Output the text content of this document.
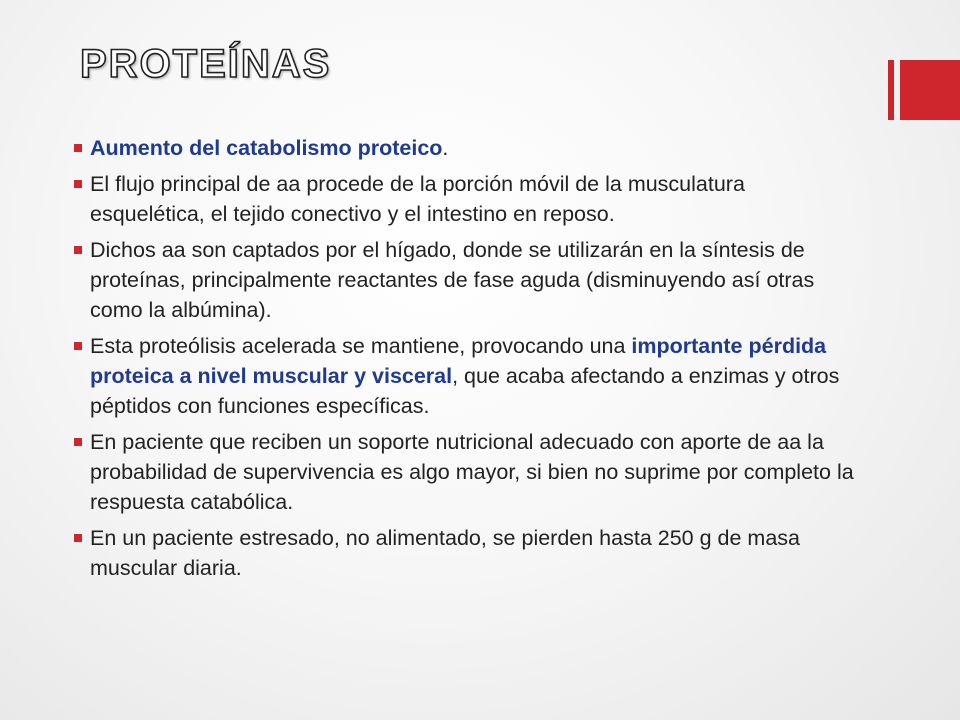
PROTEÍNAS
Aumento del catabolismo proteico.
El flujo principal de aa procede de la porción móvil de la musculatura esquelética, el tejido conectivo y el intestino en reposo.
Dichos aa son captados por el hígado, donde se utilizarán en la síntesis de proteínas, principalmente reactantes de fase aguda (disminuyendo así otras como la albúmina).
Esta proteólisis acelerada se mantiene, provocando una importante pérdida proteica a nivel muscular y visceral, que acaba afectando a enzimas y otros péptidos con funciones específicas.
En paciente que reciben un soporte nutricional adecuado con aporte de aa la probabilidad de supervivencia es algo mayor, si bien no suprime por completo la respuesta catabólica.
En un paciente estresado, no alimentado, se pierden hasta 250 g de masa muscular diaria.
